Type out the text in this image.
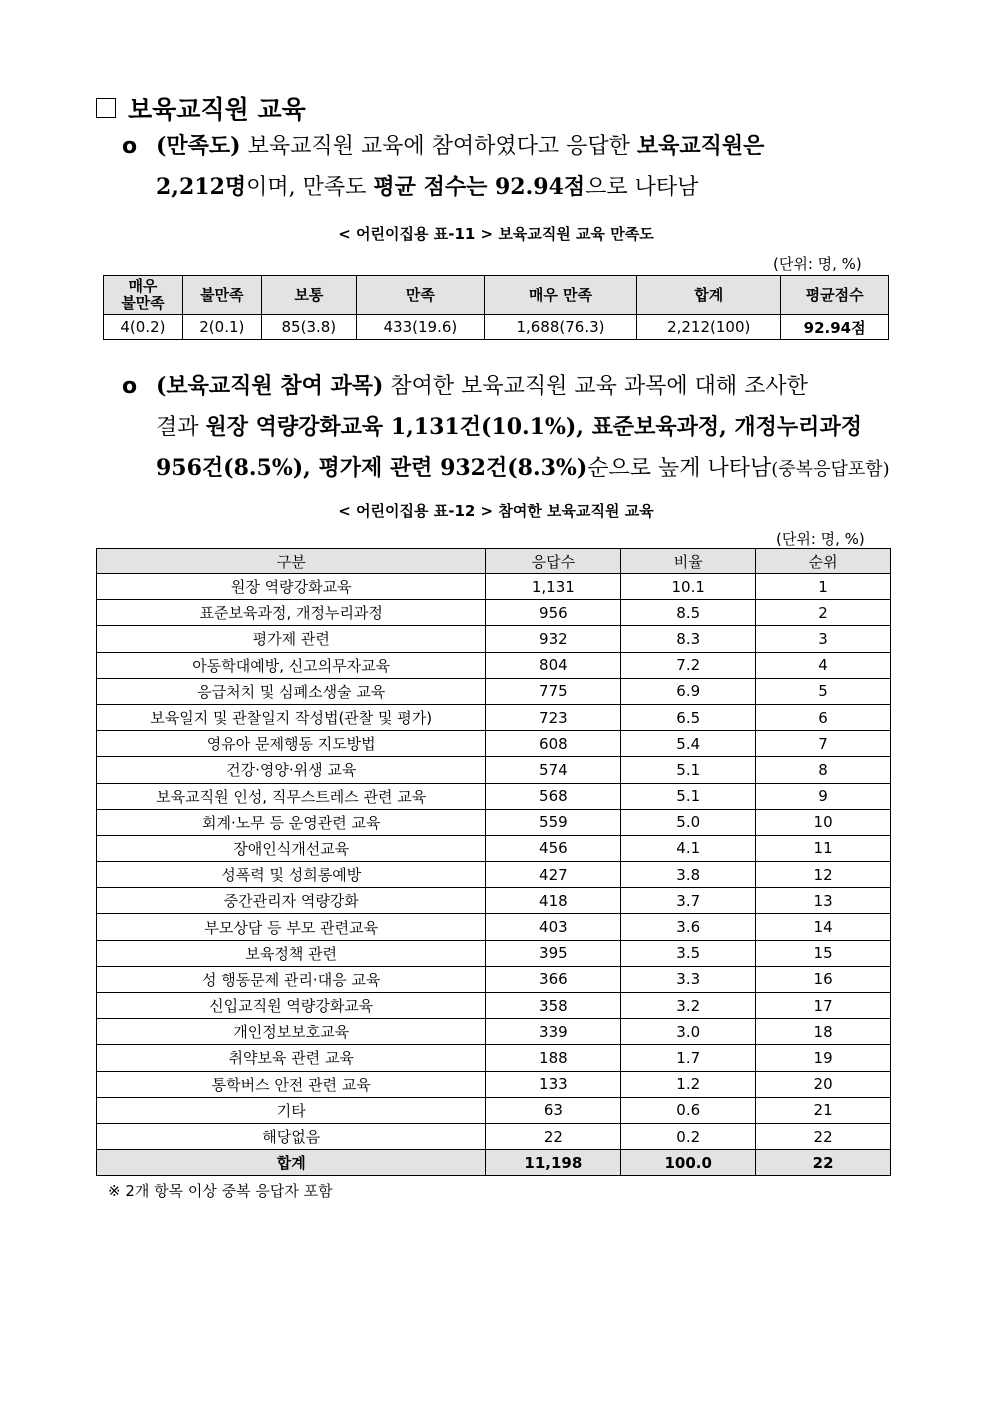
보육교직원 교육
o (만족도) 보육교직원 교육에 참여하였다고 응답한 보육교직원은
2,212명이며, 만족도 평균 점수는 92.94점으로 나타남
< 어린이집용 표-11 > 보육교직원 교육 만족도
(단위: 명, %)
매우
불만족	불만족	보통	만족	매우 만족	합계	평균점수
4(0.2)	2(0.1)	85(3.8)	433(19.6)	1,688(76.3)	2,212(100)	92.94점
o (보육교직원 참여 과목) 참여한 보육교직원 교육 과목에 대해 조사한
결과 원장 역량강화교육 1,131건(10.1%), 표준보육과정, 개정누리과정
956건(8.5%), 평가제 관련 932건(8.3%)순으로 높게 나타남(중복응답포함)
< 어린이집용 표-12 > 참여한 보육교직원 교육
(단위: 명, %)
구분	응답수	비율	순위
원장 역량강화교육	1,131	10.1	1
표준보육과정, 개정누리과정	956	8.5	2
평가제 관련	932	8.3	3
아동학대예방, 신고의무자교육	804	7.2	4
응급처치 및 심폐소생술 교육	775	6.9	5
보육일지 및 관찰일지 작성법(관찰 및 평가)	723	6.5	6
영유아 문제행동 지도방법	608	5.4	7
건강·영양·위생 교육	574	5.1	8
보육교직원 인성, 직무스트레스 관련 교육	568	5.1	9
회계·노무 등 운영관련 교육	559	5.0	10
장애인식개선교육	456	4.1	11
성폭력 및 성희롱예방	427	3.8	12
중간관리자 역량강화	418	3.7	13
부모상담 등 부모 관련교육	403	3.6	14
보육정책 관련	395	3.5	15
성 행동문제 관리·대응 교육	366	3.3	16
신입교직원 역량강화교육	358	3.2	17
개인정보보호교육	339	3.0	18
취약보육 관련 교육	188	1.7	19
통학버스 안전 관련 교육	133	1.2	20
기타	63	0.6	21
해당없음	22	0.2	22
합계	11,198	100.0	22
※ 2개 항목 이상 중복 응답자 포함
